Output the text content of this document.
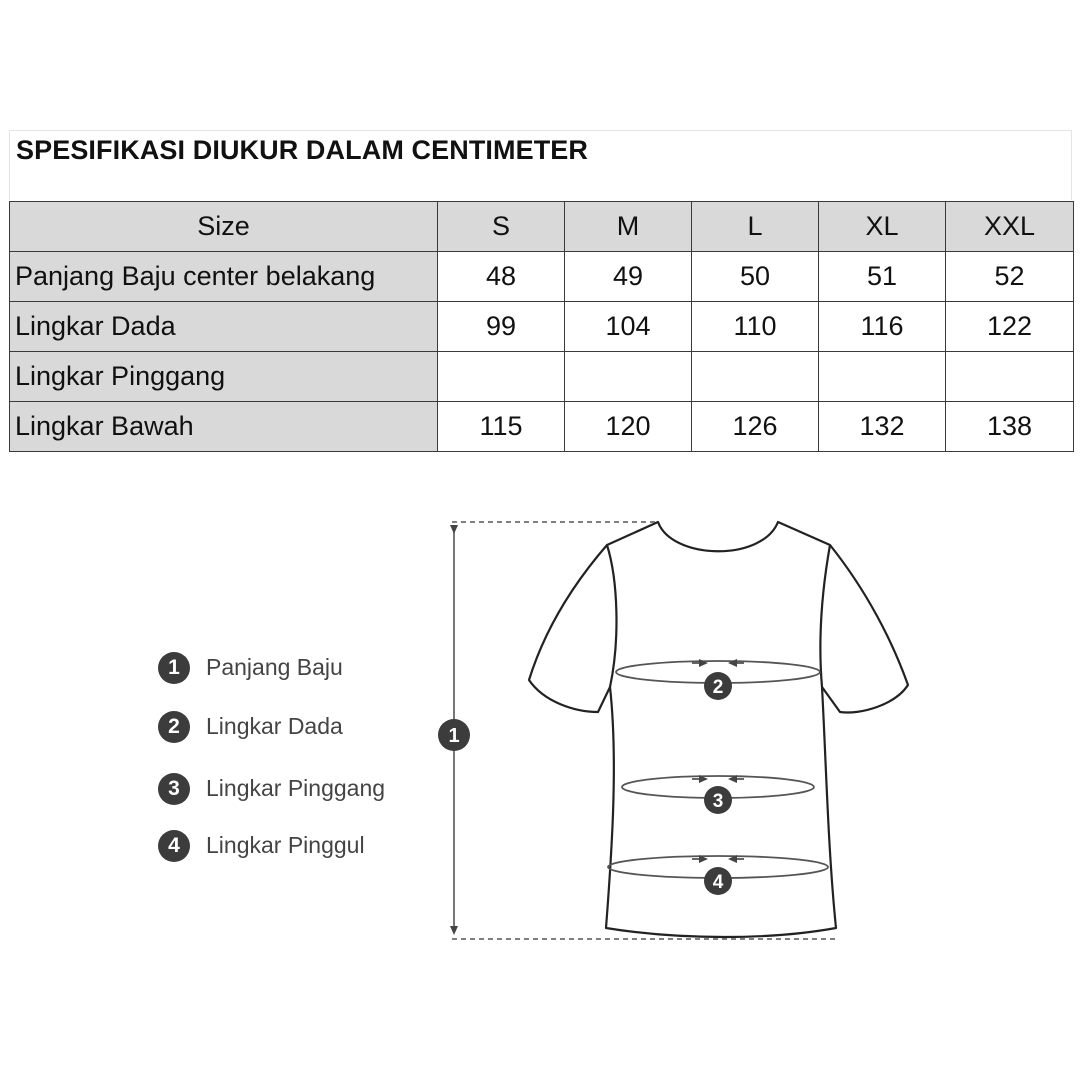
SPESIFIKASI DIUKUR DALAM CENTIMETER
Size	S	M	L	XL	XXL
Panjang Baju center belakang	48	49	50	51	52
Lingkar Dada	99	104	110	116	122
Lingkar Pinggang					
Lingkar Bawah	115	120	126	132	138
1	Panjang Baju
2	Lingkar Dada
3	Lingkar Pinggang
4	Lingkar Pinggul
1
2
3
4
